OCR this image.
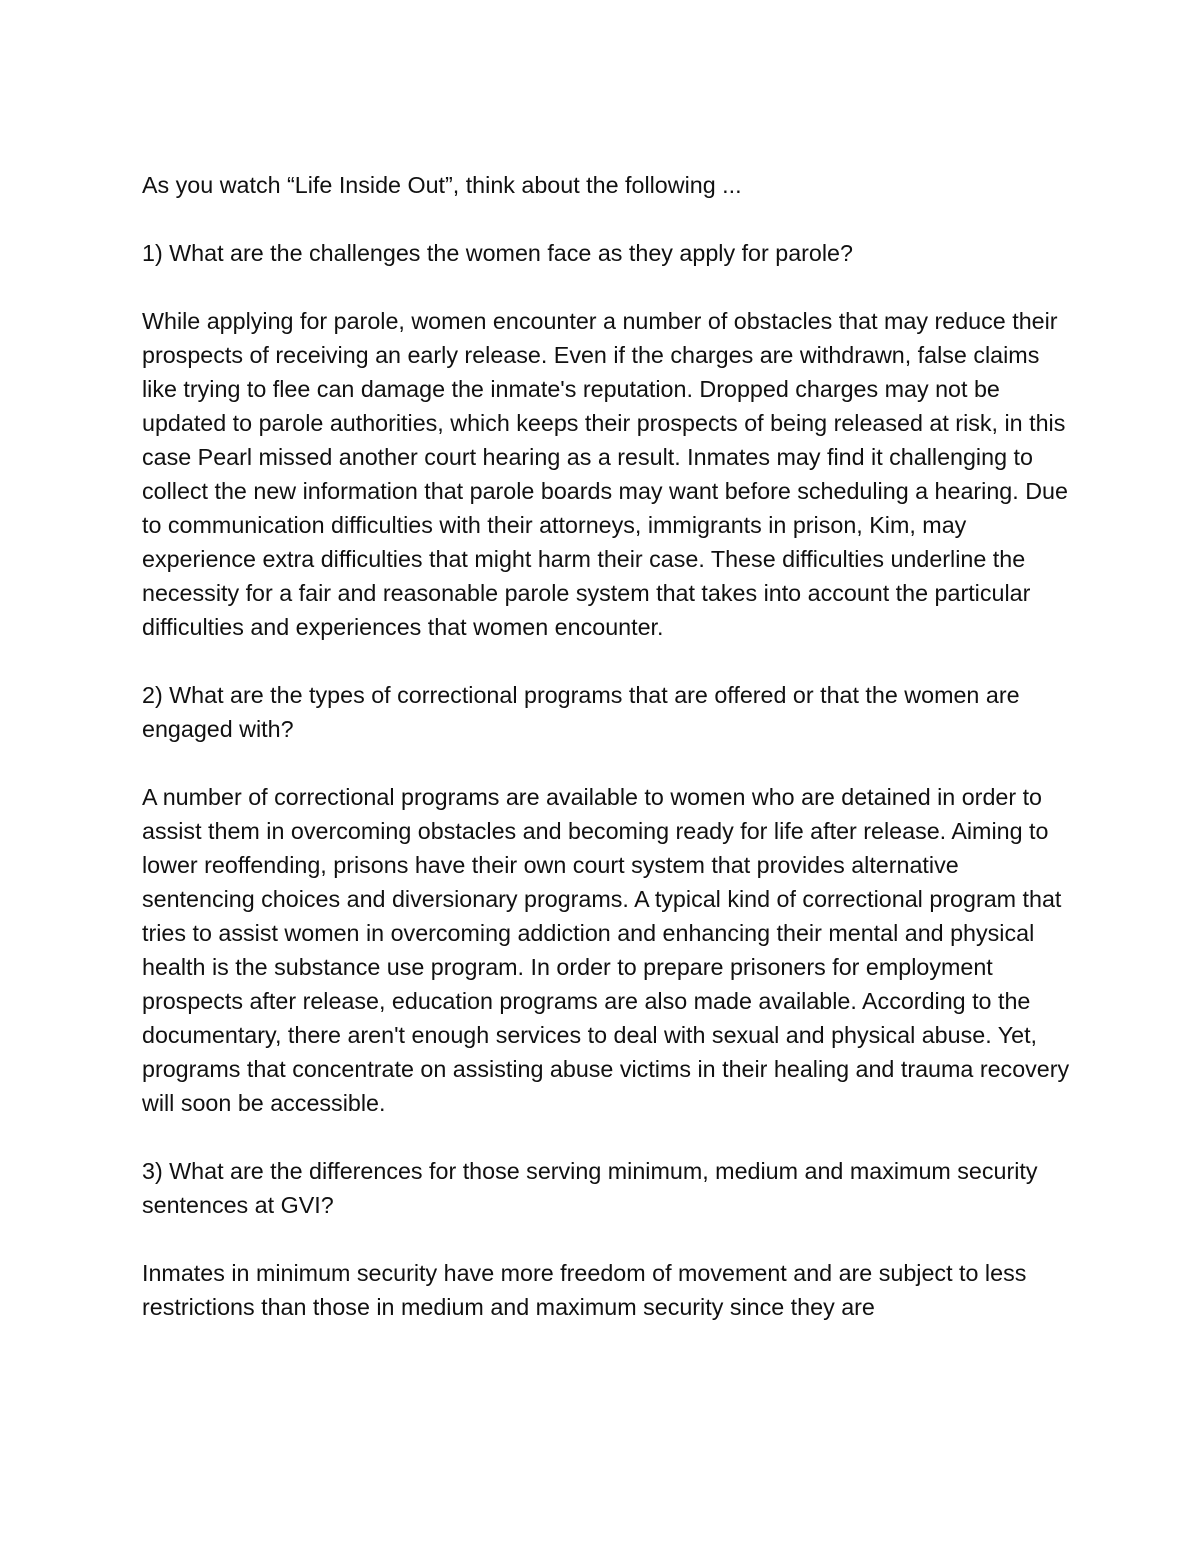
As you watch “Life Inside Out”, think about the following ...

1) What are the challenges the women face as they apply for parole?

While applying for parole, women encounter a number of obstacles that may reduce their prospects of receiving an early release. Even if the charges are withdrawn, false claims like trying to flee can damage the inmate's reputation. Dropped charges may not be updated to parole authorities, which keeps their prospects of being released at risk, in this case Pearl missed another court hearing as a result. Inmates may find it challenging to collect the new information that parole boards may want before scheduling a hearing. Due to communication difficulties with their attorneys, immigrants in prison, Kim, may experience extra difficulties that might harm their case. These difficulties underline the necessity for a fair and reasonable parole system that takes into account the particular difficulties and experiences that women encounter.

2) What are the types of correctional programs that are offered or that the women are engaged with?

A number of correctional programs are available to women who are detained in order to assist them in overcoming obstacles and becoming ready for life after release. Aiming to lower reoffending, prisons have their own court system that provides alternative sentencing choices and diversionary programs. A typical kind of correctional program that tries to assist women in overcoming addiction and enhancing their mental and physical health is the substance use program. In order to prepare prisoners for employment prospects after release, education programs are also made available. According to the documentary, there aren't enough services to deal with sexual and physical abuse. Yet, programs that concentrate on assisting abuse victims in their healing and trauma recovery will soon be accessible.

3) What are the differences for those serving minimum, medium and maximum security sentences at GVI?

Inmates in minimum security have more freedom of movement and are subject to less restrictions than those in medium and maximum security since they are
